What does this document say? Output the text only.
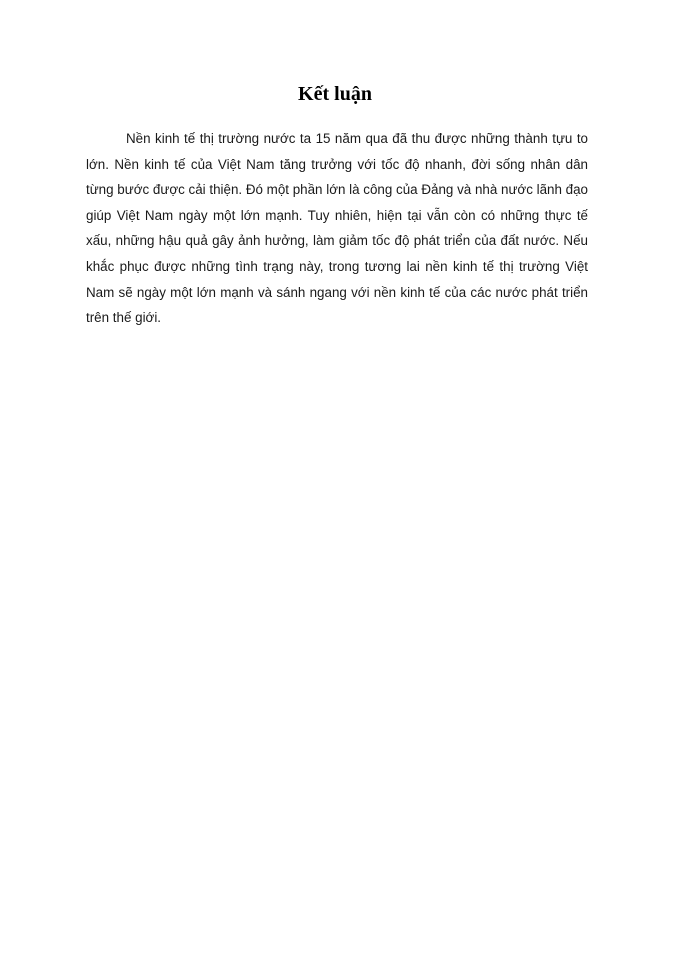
Kết luận

Nền kinh tế thị trường nước ta 15 năm qua đã thu được những thành tựu to lớn. Nền kinh tế của Việt Nam tăng trưởng với tốc độ nhanh, đời sống nhân dân từng bước được cải thiện. Đó một phần lớn là công của Đảng và nhà nước lãnh đạo giúp Việt Nam ngày một lớn mạnh. Tuy nhiên, hiện tại vẫn còn có những thực tế xấu, những hậu quả gây ảnh hưởng, làm giảm tốc độ phát triển của đất nước. Nếu khắc phục được những tình trạng này, trong tương lai nền kinh tế thị trường Việt Nam sẽ ngày một lớn mạnh và sánh ngang với nền kinh tế của các nước phát triển trên thế giới.
